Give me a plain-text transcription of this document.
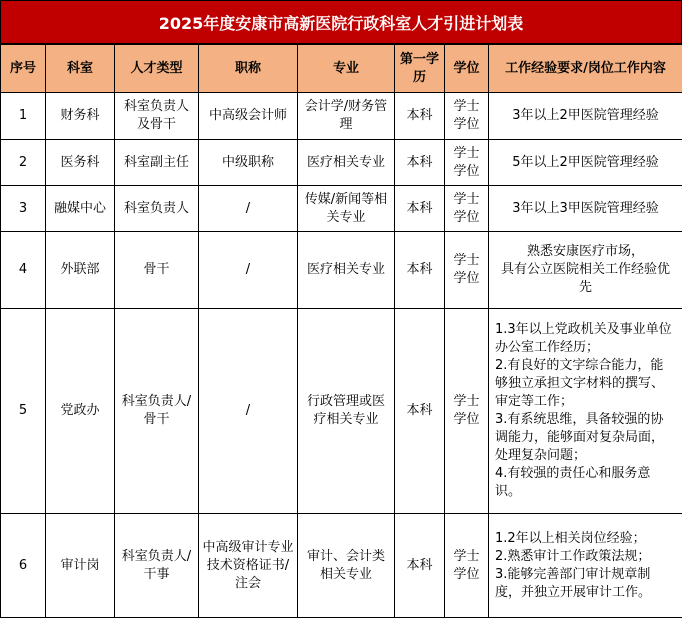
2025年度安康市高新医院行政科室人才引进计划表
序号	科室	人才类型	职称	专业	第一学历	学位	工作经验要求/岗位工作内容
1	财务科	科室负责人及骨干	中高级会计师	会计学/财务管理	本科	学士学位	3年以上2甲医院管理经验

2	医务科	科室副主任	中级职称	医疗相关专业	本科	学士学位	5年以上2甲医院管理经验

3	融媒中心	科室负责人	/	传媒/新闻等相关专业	本科	学士学位	3年以上3甲医院管理经验

4	外联部	骨干	/	医疗相关专业	本科	学士学位	熟悉安康医疗市场，
具有公立医院相关工作经验优先

5	党政办	科室负责人/骨干	/	行政管理或医疗相关专业	本科	学士学位	1.3年以上党政机关及事业单位办公室工作经历；
2.有良好的文字综合能力，能够独立承担文字材料的撰写、审定等工作；
3.有系统思维，具备较强的协调能力，能够面对复杂局面，处理复杂问题；
4.有较强的责任心和服务意识。

6	审计岗	科室负责人/干事	中高级审计专业技术资格证书/注会	审计、会计类相关专业	本科	学士学位	1.2年以上相关岗位经验；
2.熟悉审计工作政策法规；
3.能够完善部门审计规章制度，并独立开展审计工作。
